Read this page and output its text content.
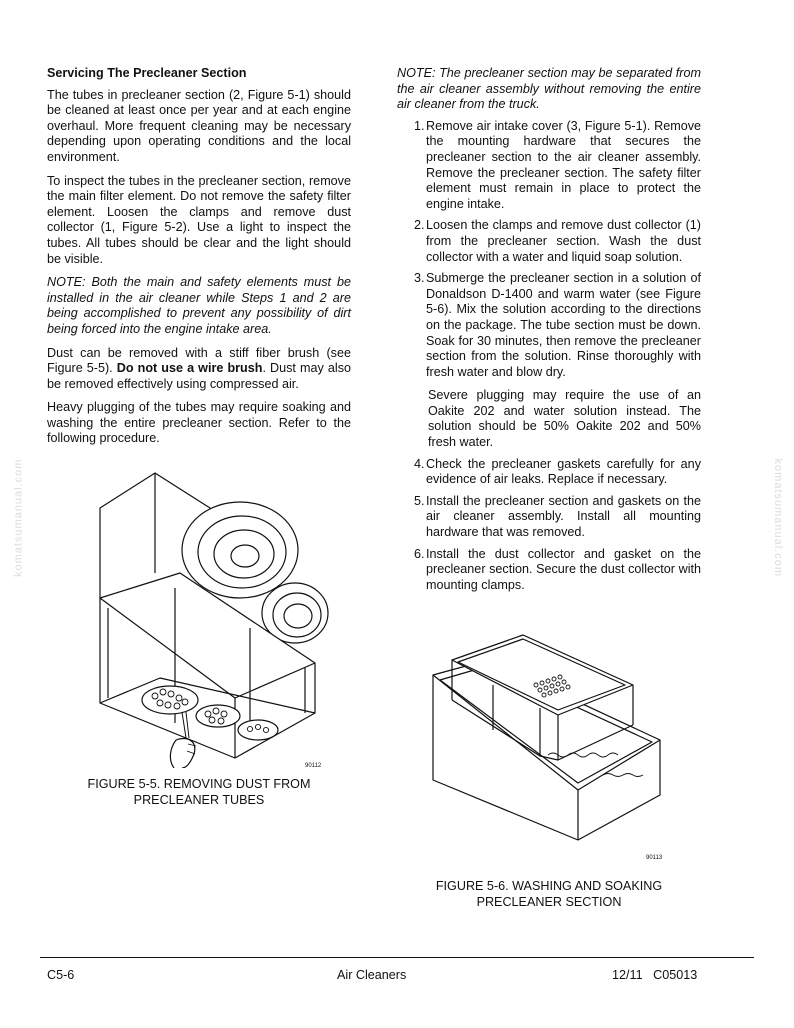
Servicing The Precleaner Section

The tubes in precleaner section (2, Figure 5-1) should be cleaned at least once per year and at each engine overhaul. More frequent cleaning may be necessary depending upon operating conditions and the local environment.

To inspect the tubes in the precleaner section, remove the main filter element. Do not remove the safety filter element. Loosen the clamps and remove dust collector (1, Figure 5-2). Use a light to inspect the tubes. All tubes should be clear and the light should be visible.

NOTE: Both the main and safety elements must be installed in the air cleaner while Steps 1 and 2 are being accomplished to prevent any possibility of dirt being forced into the engine intake area.

Dust can be removed with a stiff fiber brush (see Figure 5-5). Do not use a wire brush. Dust may also be removed effectively using compressed air.

Heavy plugging of the tubes may require soaking and washing the entire precleaner section. Refer to the following procedure.

90112
FIGURE 5-5. REMOVING DUST FROM
PRECLEANER TUBES

NOTE: The precleaner section may be separated from the air cleaner assembly without removing the entire air cleaner from the truck.

1. Remove air intake cover (3, Figure 5-1). Remove the mounting hardware that secures the precleaner section to the air cleaner assembly. Remove the precleaner section. The safety filter element must remain in place to protect the engine intake.
2. Loosen the clamps and remove dust collector (1) from the precleaner section. Wash the dust collector with a water and liquid soap solution.
3. Submerge the precleaner section in a solution of Donaldson D-1400 and warm water (see Figure 5-6). Mix the solution according to the directions on the package. The tube section must be down. Soak for 30 minutes, then remove the precleaner section from the solution. Rinse thoroughly with fresh water and blow dry.
Severe plugging may require the use of an Oakite 202 and water solution instead. The solution should be 50% Oakite 202 and 50% fresh water.
4. Check the precleaner gaskets carefully for any evidence of air leaks. Replace if necessary.
5. Install the precleaner section and gaskets on the air cleaner assembly. Install all mounting hardware that was removed.
6. Install the dust collector and gasket on the precleaner section. Secure the dust collector with mounting clamps.
90113
FIGURE 5-6. WASHING AND SOAKING
PRECLEANER SECTION
komatsumanual.com	komatsumanual.com
C5-6	Air Cleaners	12/11 C05013
